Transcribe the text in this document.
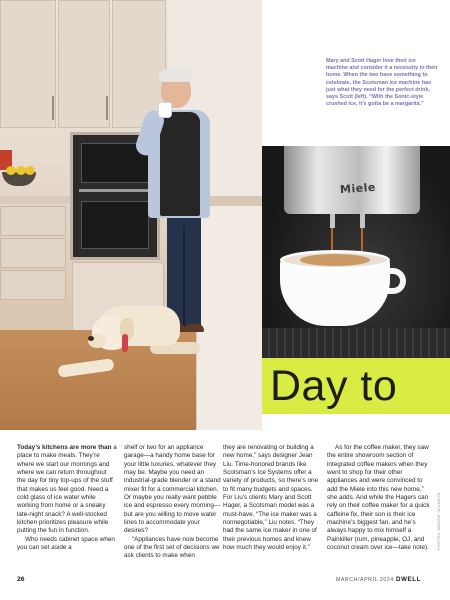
Mary and Scott Hager love their ice machine and consider it a necessity in their home. When the two have something to celebrate, the Scotsman ice machine has just what they need for the perfect drink, says Scott (left). “With the Sonic-style crushed ice, it’s gotta be a margarita.”
Miele
Day to

Today’s kitchens are more than a place to make meals. They’re where we start our mornings and where we can return throughout the day for tiny top-ups of the stuff that makes us feel good. Need a cold glass of ice water while working from home or a sneaky late-night snack? A well-stocked kitchen prioritizes pleasure while putting the fun in function.

Who needs cabinet space when you can set aside a

shelf or two for an appliance garage—a handy home base for your little luxuries, whatever they may be. Maybe you need an industrial-grade blender or a stand mixer fit for a commercial kitchen. Or maybe you really want pebble ice and espresso every morning—but are you willing to move water lines to accommodate your desires?

“Appliances have now become one of the first set of decisions we ask clients to make when

they are renovating or building a new home,” says designer Jean Liu. Time-honored brands like Scotsman’s Ice Systems offer a variety of products, so there’s one to fit many budgets and spaces. For Liu’s clients Mary and Scott Hager, a Scotsman model was a must-have. “The ice maker was a nonnegotiable,” Liu notes. “They had the same ice maker in one of their previous homes and knew how much they would enjoy it.”

As for the coffee maker, they saw the entire showroom section of integrated coffee makers when they went to shop for their other appliances and were convinced to add the Miele into this new home,” she adds. And while the Hagers can rely on their coffee maker for a quick caffeine fix, their son is their ice machine’s biggest fan, and he’s always happy to mix himself a Painkiller (rum, pineapple, OJ, and coconut cream over ice—take note).	PHOTOS: MAGGIE SHANNON
26	MARCH/APRIL 2024 DWELL
